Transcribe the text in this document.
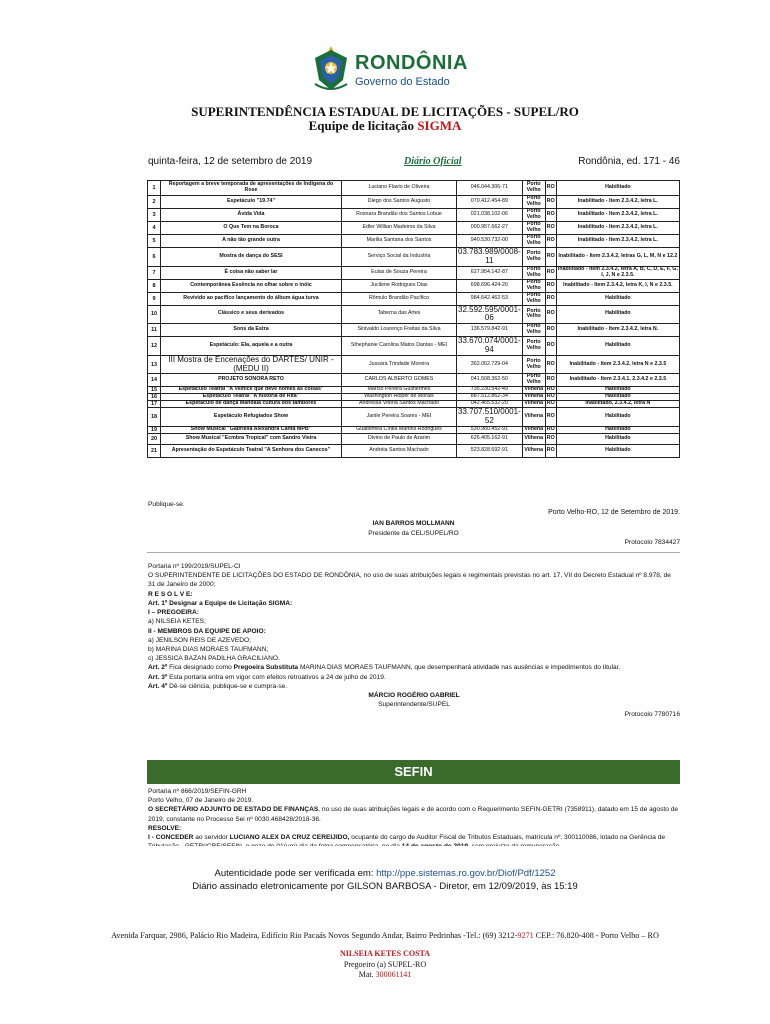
RONDÔNIA
Governo do Estado
SUPERINTENDÊNCIA ESTADUAL DE LICITAÇÕES - SUPEL/RO
Equipe de licitação SIGMA
quinta-feira, 12 de setembro de 2019	Diário Oficial	Rondônia, ed. 171 - 46
1	Reportagem a breve temporada de apresentações de Indígena do Rose	Luciano Flavio de Oliveira	046.044.306-71	Porto Velho	RO	Habilitado
2	Espetáculo "19.74"	Diego dos Santos Augusto	070.412.454-89	Porto Velho	RO	Inabilitado - Item 2.3.4.2, letra L.
3	Ávida Vida	Rosnara Brandão dos Santos Lobue	021.038.102-06	Porto Velho	RO	Inabilitado - Item 2.3.4.2, letra L.
4	O Que Tem na Boroca	Edler Willian Madeiros da Silva	000.957.662-27	Porto Velho	RO	Inabilitado - Item 2.3.4.2, letra L.
5	A não tão grande outra	Marilia Santana dos Santos	940.530.732-00	Porto Velho	RO	Inabilitado - Item 2.3.4.2, letra L.
6	Mostra de dança do SESI	Serviço Social da Industria	03.783.989/0008-11	Porto Velho	RO	Inabilitado - Item 2.3.4.2, letras G, L, M, N e 12.2
7	É coisa não saber lar	Eulas de Souza Pereira	627.954.142-87	Porto Velho	RO	Inabilitado - Item 2.3.4.2, letra A, B, C, D, E, F, G, I, J, N e 2.3.5.
8	Contemporânea Essência no olhar sobre o inóic	Jucilene Rodrigues Dias	698.696.424-20	Porto Velho	RO	Inabilitado - Item 2.3.4.2, letra K, I, N e 2.3.5.
9	Revivido ao pacífico lançamento do álbum água turva	Rômulo Brandão Pacífico	984.642.462-53	Porto Velho	RO	Habilitado
10	Clássico e seus derivados	Taberna das Artes	32.592.595/0001-06	Porto Velho	RO	Habilitado
11	Sons da Estra	Sinivaldo Lourenço Freitas da Silva	136.579.842-91	Porto Velho	RO	Inabilitado - Item 2.3.4.2, letra N.
12	Espetáculo: Ela, aquela e a outra	Sthephanie Carolina Matos Dantas - MEI	33.670.074/0001-94	Porto Velho	RO	Habilitado
13	III Mostra de Encenações do DARTES/ UNIR - (MEDU II)	Jussara Trindade Moreira	362.062.729-04	Porto Velho	RO	Inabilitado - Item 2.3.4.2, letra N e 2.3.5
14	PROJETO SONORA RETO	CARLOS ALBERTO GOMES	041.508.362-50	Porto Velho	RO	Inabilitado - Item 2.3.4.1, 2.3.4.2 e 2.3.5
15	Espetáculo Teatral "A Velhice que deve nomes as coisas"	Márcio Pereira Guilhermes	735.230.542-49	Vilhena	RO	Habilitado
16	Espetáculo Teatral "A história de Rita"	Washington Holper de Morais	887.512.862-34	Vilhena	RO	Habilitado
17	Espetáculo de dança Mandala cultura dos tambores	Andressa Vitória Santos Machado	042.465.532-20	Vilhena	RO	Inabilitado, 2.3.4.2, letra N
18	Espetáculo Refugiados Show	Janile Pereira Soares - MEI	33.707.510/0001-52	Vilhena	RO	Habilitado
19	Show Musical "Gabriella Alexandra Canta MPB"	Gualtemea Cíntia Martins Rodrigues	530.960.452-91	Vilhena	RO	Habilitado
20	Show Musical "Ecmbra Tropical" com Sandro Vieira	Divino de Paulo de Azarim	626.405.162-91	Vilhena	RO	Habilitado
21	Apresentação do Espetáculo Teatral "A Senhora dos Canecos"	Andréia Santos Machado	523.828.692-91	Vilhena	RO	Habilitado
Publique-se.
Porto Velho-RO, 12 de Setembro de 2019.
IAN BARROS MOLLMANN
Presidente da CEL/SUPEL/RO
Protocolo 7834427
Portaria nº 199/2019/SUPEL-CI
O SUPERINTENDENTE DE LICITAÇÕES DO ESTADO DE RONDÔNIA, no uso de suas atribuições legais e regimentais previstas no art. 17, VII do Decreto Estadual nº 8.978, de 31 de Janeiro de 2000;
R E S O L V E:
Art. 1º Designar a Equipe de Licitação SIGMA:
I – PREGOEIRA:
a) NILSEIA KETES;
II - MEMBROS DA EQUIPE DE APOIO:
a) JENILSON REIS DE AZEVEDO;
b) MARINA DIAS MORAES TAUFMANN;
c) JESSICA BAZAN PADILHA GRACILIANO.
Art. 2º Fica designado como Pregoeira Substituta MARINA DIAS MORAES TAUFMANN, que desempenhará atividade nas ausências e impedimentos do titular.
Art. 3º Esta portaria entra em vigor com efeitos retroativos a 24 de julho de 2019.
Art. 4º Dê-se ciência, publique-se e cumpra-se.
MÁRCIO ROGÉRIO GABRIEL
Superintendente/SUPEL
Protocolo 7780716
SEFIN
Portaria nº 866/2019/SEFIN-GRH
Porto Velho, 07 de Janeiro de 2019.
O SECRETÁRIO ADJUNTO DE ESTADO DE FINANÇAS, no uso de suas atribuições legais e de acordo com o Requerimento SEFIN-GETRI (7358911), datado em 15 de agosto de 2019, constante no Processo Sei nº 0030.468428/2018-36.
RESOLVE:
I - CONCEDER ao servidor LUCIANO ALEX DA CRUZ CEREIJIDO, ocupante do cargo de Auditor Fiscal de Tributos Estaduais, matrícula nº. 300110086, lotado na Gerência de
Autenticidade pode ser verificada em: http://ppe.sistemas.ro.gov.br/Diof/Pdf/1252
Diário assinado eletronicamente por GILSON BARBOSA - Diretor, em 12/09/2019, às 15:19
Avenida Farquar, 2986, Palácio Rio Madeira, Edifício Rio Pacaás Novos Segundo Andar, Bairro Pedrinhas -Tel.: (69) 3212-9271 CEP.: 76.820-408 - Porto Velho – RO
NILSEIA KETES COSTA
Pregoeiro (a) SUPEL-RO
Mat. 300061141
